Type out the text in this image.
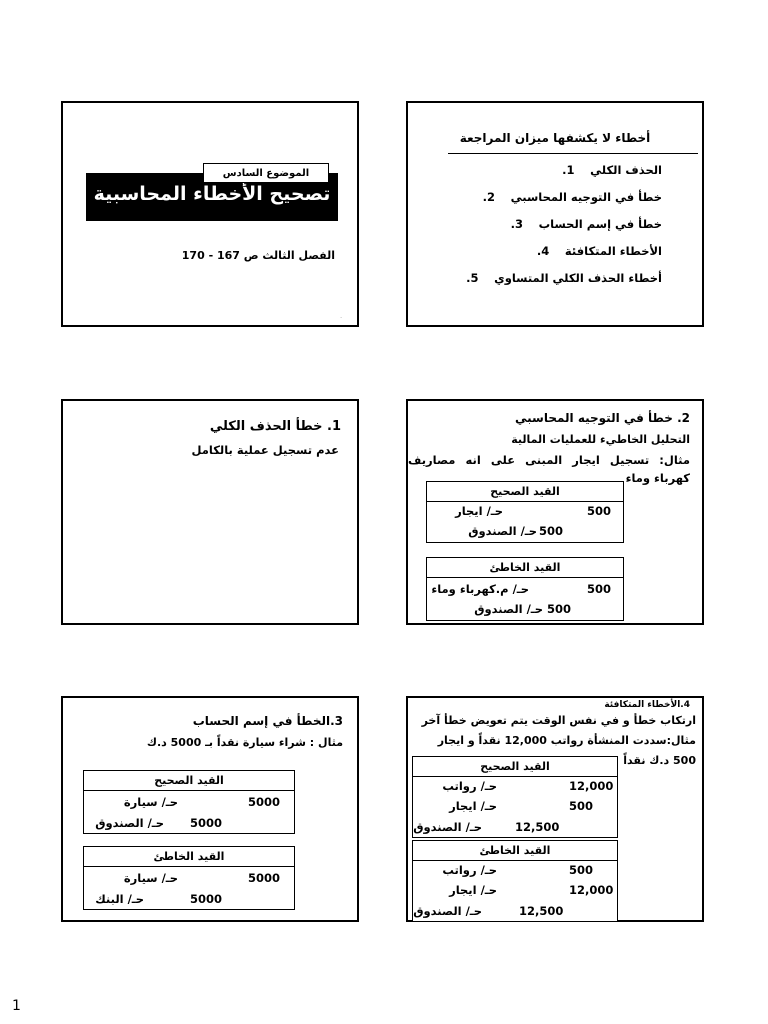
تصحيح الأخطاء المحاسبية
الموضوع السادس
الفصل الثالث ص 167 - 170
.
أخطاء لا يكشفها ميزان المراجعة
الحذف الكلي .1
خطأ في التوجيه المحاسبي .2
خطأ في إسم الحساب .3
الأخطاء المتكافئة .4
أخطاء الحذف الكلي المتساوي .5
1. خطأ الحذف الكلي
عدم تسجيل عملية بالكامل
2. خطأ في التوجيه المحاسبي
التحليل الخاطيء للعمليات المالية
مثال: تسجيل ايجار المبنى على انه مصاريف كهرباء وماء
القيد الصحيح
500
حـ/ ايجار
500
حـ/ الصندوق
القيد الخاطئ
500
حـ/ م.كهرباء وماء
500
حـ/ الصندوق
3.الخطأ في إسم الحساب
مثال : شراء سيارة نقداً بـ 5000 د.ك
القيد الصحيح
5000
حـ/ سيارة
5000
حـ/ الصندوق
القيد الخاطئ
5000
حـ/ سيارة
5000
حـ/ البنك
4.الأخطاء المتكافئة
ارتكاب خطأ و في نفس الوقت يتم تعويض خطأ آخر
مثال:سددت المنشأة رواتب 12,000 نقداً و ايجار
500 د.ك نقداً
القيد الصحيح
12,000
حـ/ رواتب
500
حـ/ ايجار
12,500
حـ/ الصندوق
القيد الخاطئ
500
حـ/ رواتب
12,000
حـ/ ايجار
12,500
حـ/ الصندوق
1
